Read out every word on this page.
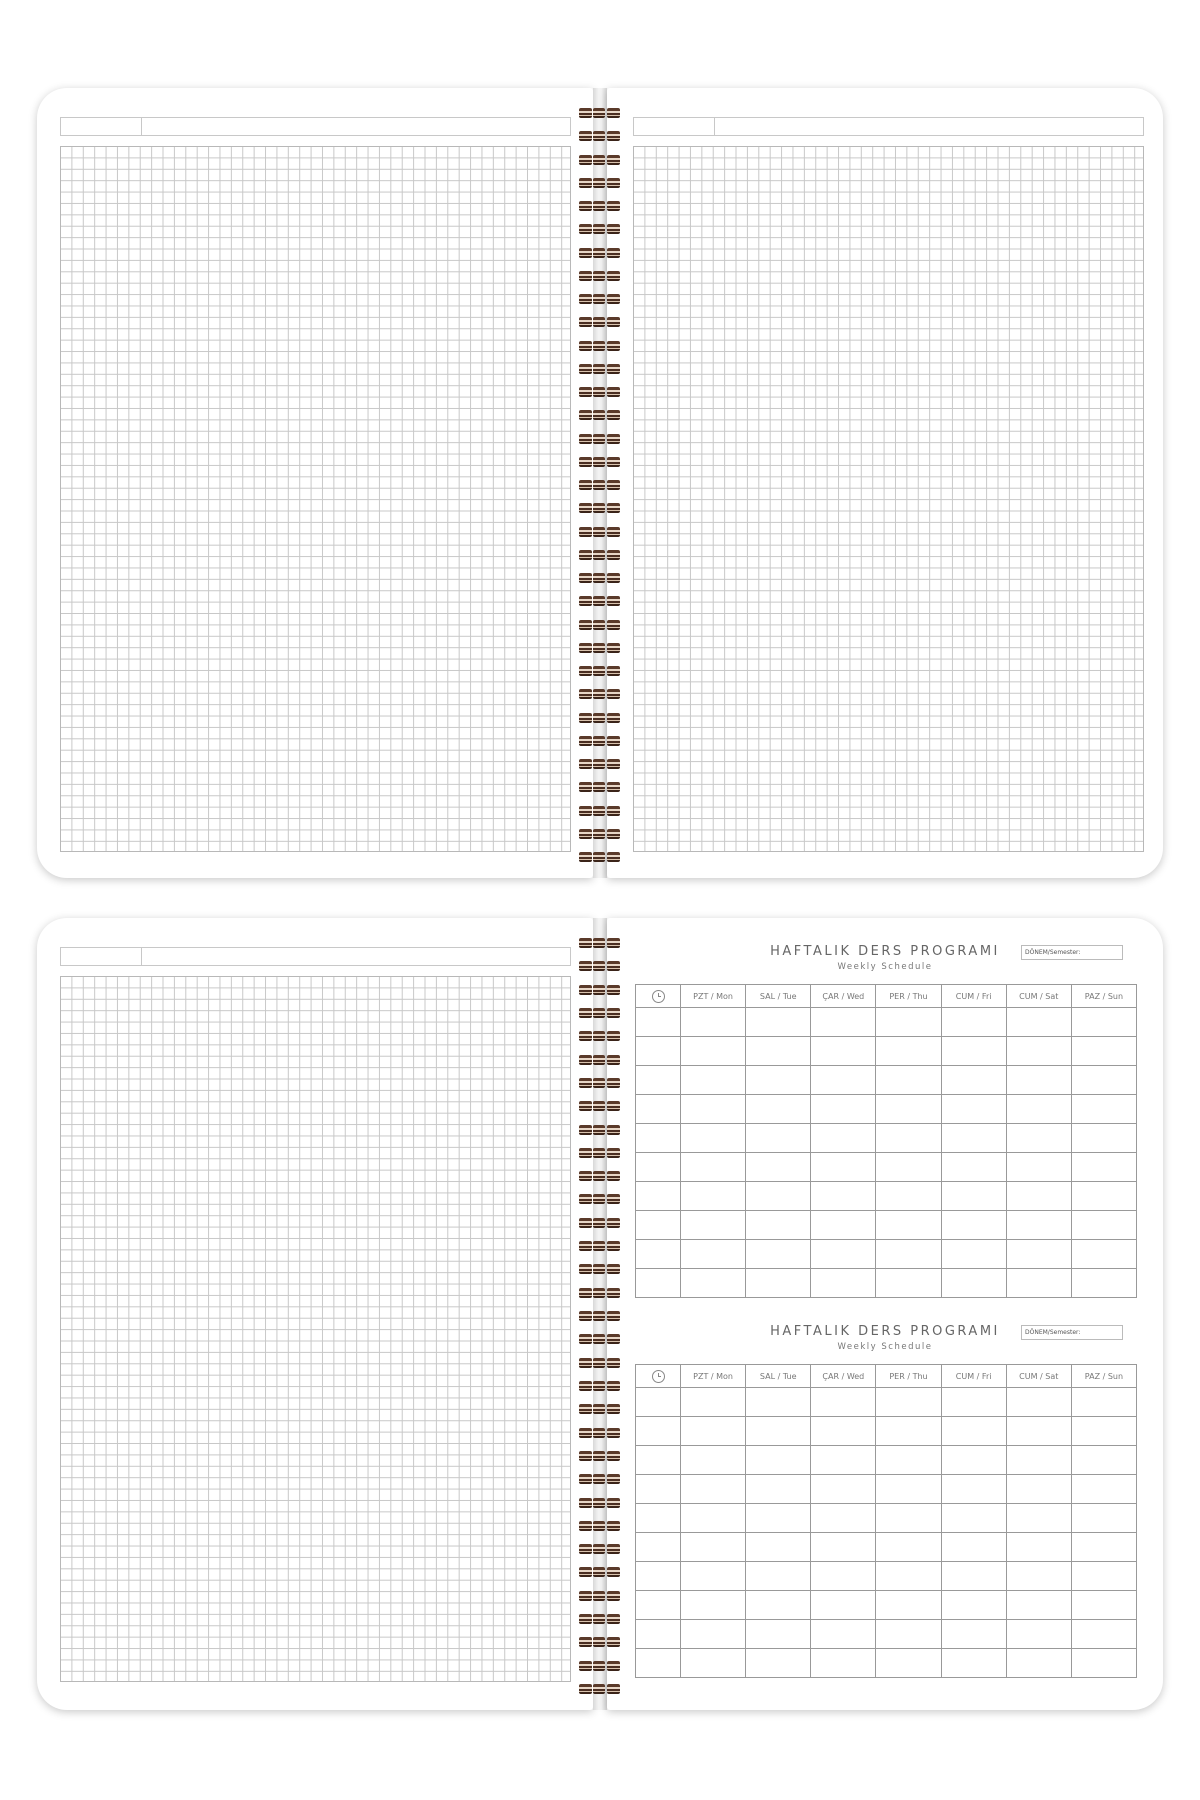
HAFTALIK DERS PROGRAMI
Weekly Schedule
DÖNEM/Semester:
	PZT / Mon	SAL / Tue	ÇAR / Wed	PER / Thu	CUM / Fri	CUM / Sat	PAZ / Sun

HAFTALIK DERS PROGRAMI
Weekly Schedule
DÖNEM/Semester:
	PZT / Mon	SAL / Tue	ÇAR / Wed	PER / Thu	CUM / Fri	CUM / Sat	PAZ / Sun
